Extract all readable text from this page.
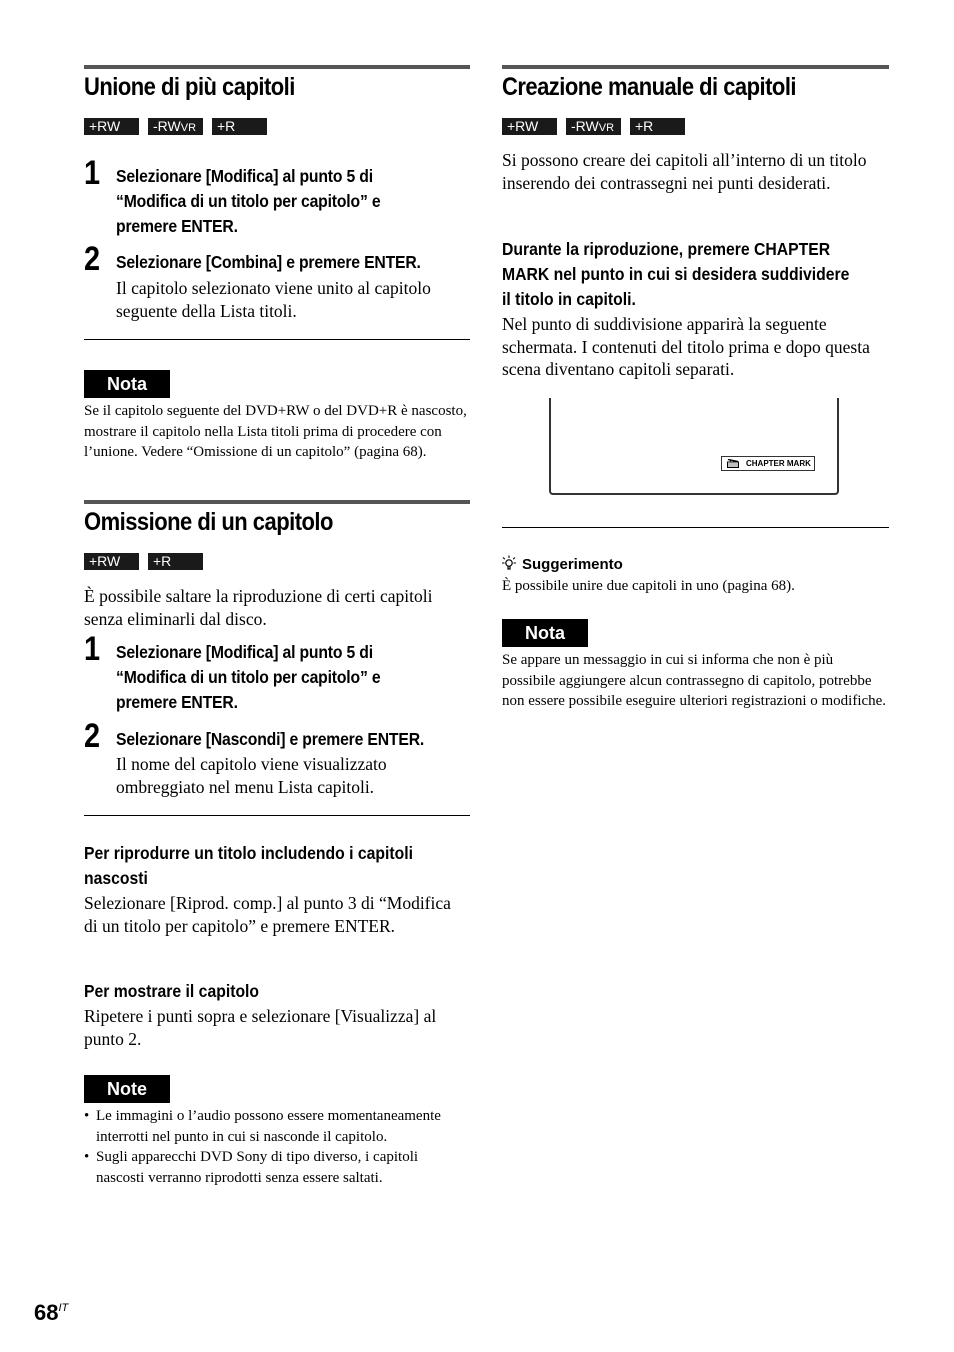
Unione di più capitoli
+RW	-RWVR	+R
1 Selezionare [Modifica] al punto 5 di
“Modifica di un titolo per capitolo” e
premere ENTER.
2 Selezionare [Combina] e premere ENTER.
Il capitolo selezionato viene unito al capitolo seguente della Lista titoli.
Nota
Se il capitolo seguente del DVD+RW o del DVD+R è nascosto, mostrare il capitolo nella Lista titoli prima di procedere con l’unione. Vedere “Omissione di un capitolo” (pagina 68).
Omissione di un capitolo
+RW	+R
È possibile saltare la riproduzione di certi capitoli senza eliminarli dal disco.
1 Selezionare [Modifica] al punto 5 di
“Modifica di un titolo per capitolo” e
premere ENTER.
2 Selezionare [Nascondi] e premere ENTER.
Il nome del capitolo viene visualizzato ombreggiato nel menu Lista capitoli.
Per riprodurre un titolo includendo i capitoli
nascosti
Selezionare [Riprod. comp.] al punto 3 di “Modifica di un titolo per capitolo” e premere ENTER.
Per mostrare il capitolo
Ripetere i punti sopra e selezionare [Visualizza] al punto 2.
Note
• Le immagini o l’audio possono essere momentaneamente interrotti nel punto in cui si nasconde il capitolo.
• Sugli apparecchi DVD Sony di tipo diverso, i capitoli nascosti verranno riprodotti senza essere saltati.
Creazione manuale di capitoli
+RW	-RWVR	+R
Si possono creare dei capitoli all’interno di un titolo inserendo dei contrassegni nei punti desiderati.
Durante la riproduzione, premere CHAPTER
MARK nel punto in cui si desidera suddividere
il titolo in capitoli.
Nel punto di suddivisione apparirà la seguente schermata. I contenuti del titolo prima e dopo questa scena diventano capitoli separati.
CHAPTER MARK
Suggerimento
È possibile unire due capitoli in uno (pagina 68).
Nota
Se appare un messaggio in cui si informa che non è più possibile aggiungere alcun contrassegno di capitolo, potrebbe non essere possibile eseguire ulteriori registrazioni o modifiche.
$68^{IT}$
